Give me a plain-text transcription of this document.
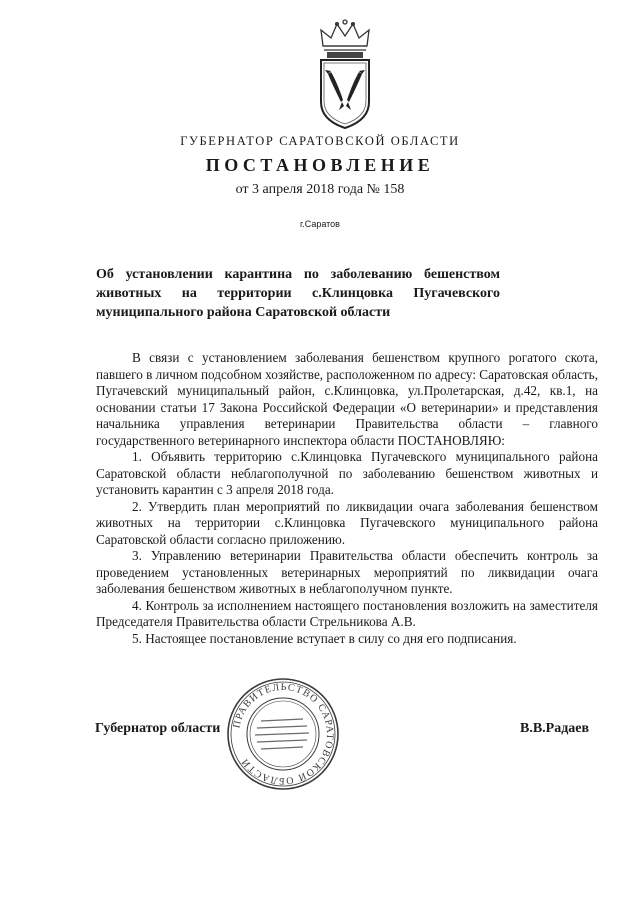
ГУБЕРНАТОР САРАТОВСКОЙ ОБЛАСТИ
ПОСТАНОВЛЕНИЕ
от 3 апреля 2018 года № 158
г.Саратов
Об установлении карантина по заболеванию бешенством животных на территории с.Клинцовка Пугачевского муниципального района Саратовской области

В связи с установлением заболевания бешенством крупного рогатого скота, павшего в личном подсобном хозяйстве, расположенном по адресу: Саратовская область, Пугачевский муниципальный район, с.Клинцовка, ул.Пролетарская, д.42, кв.1, на основании статьи 17 Закона Российской Федерации «О ветеринарии» и представления начальника управления ветеринарии Правительства области – главного государственного ветеринарного инспектора области ПОСТАНОВЛЯЮ:

1. Объявить территорию с.Клинцовка Пугачевского муниципального района Саратовской области неблагополучной по заболеванию бешенством животных и установить карантин с 3 апреля 2018 года.

2. Утвердить план мероприятий по ликвидации очага заболевания бешенством животных на территории с.Клинцовка Пугачевского муниципального района Саратовской области согласно приложению.

3. Управлению ветеринарии Правительства области обеспечить контроль за проведением установленных ветеринарных мероприятий по ликвидации очага заболевания бешенством животных в неблагополучном пункте.

4. Контроль за исполнением настоящего постановления возложить на заместителя Председателя Правительства области Стрельникова А.В.

5. Настоящее постановление вступает в силу со дня его подписания.

ПРАВИТЕЛЬСТВО САРАТОВСКОЙ ОБЛАСТИ
Губернатор области	В.В.Радаев
